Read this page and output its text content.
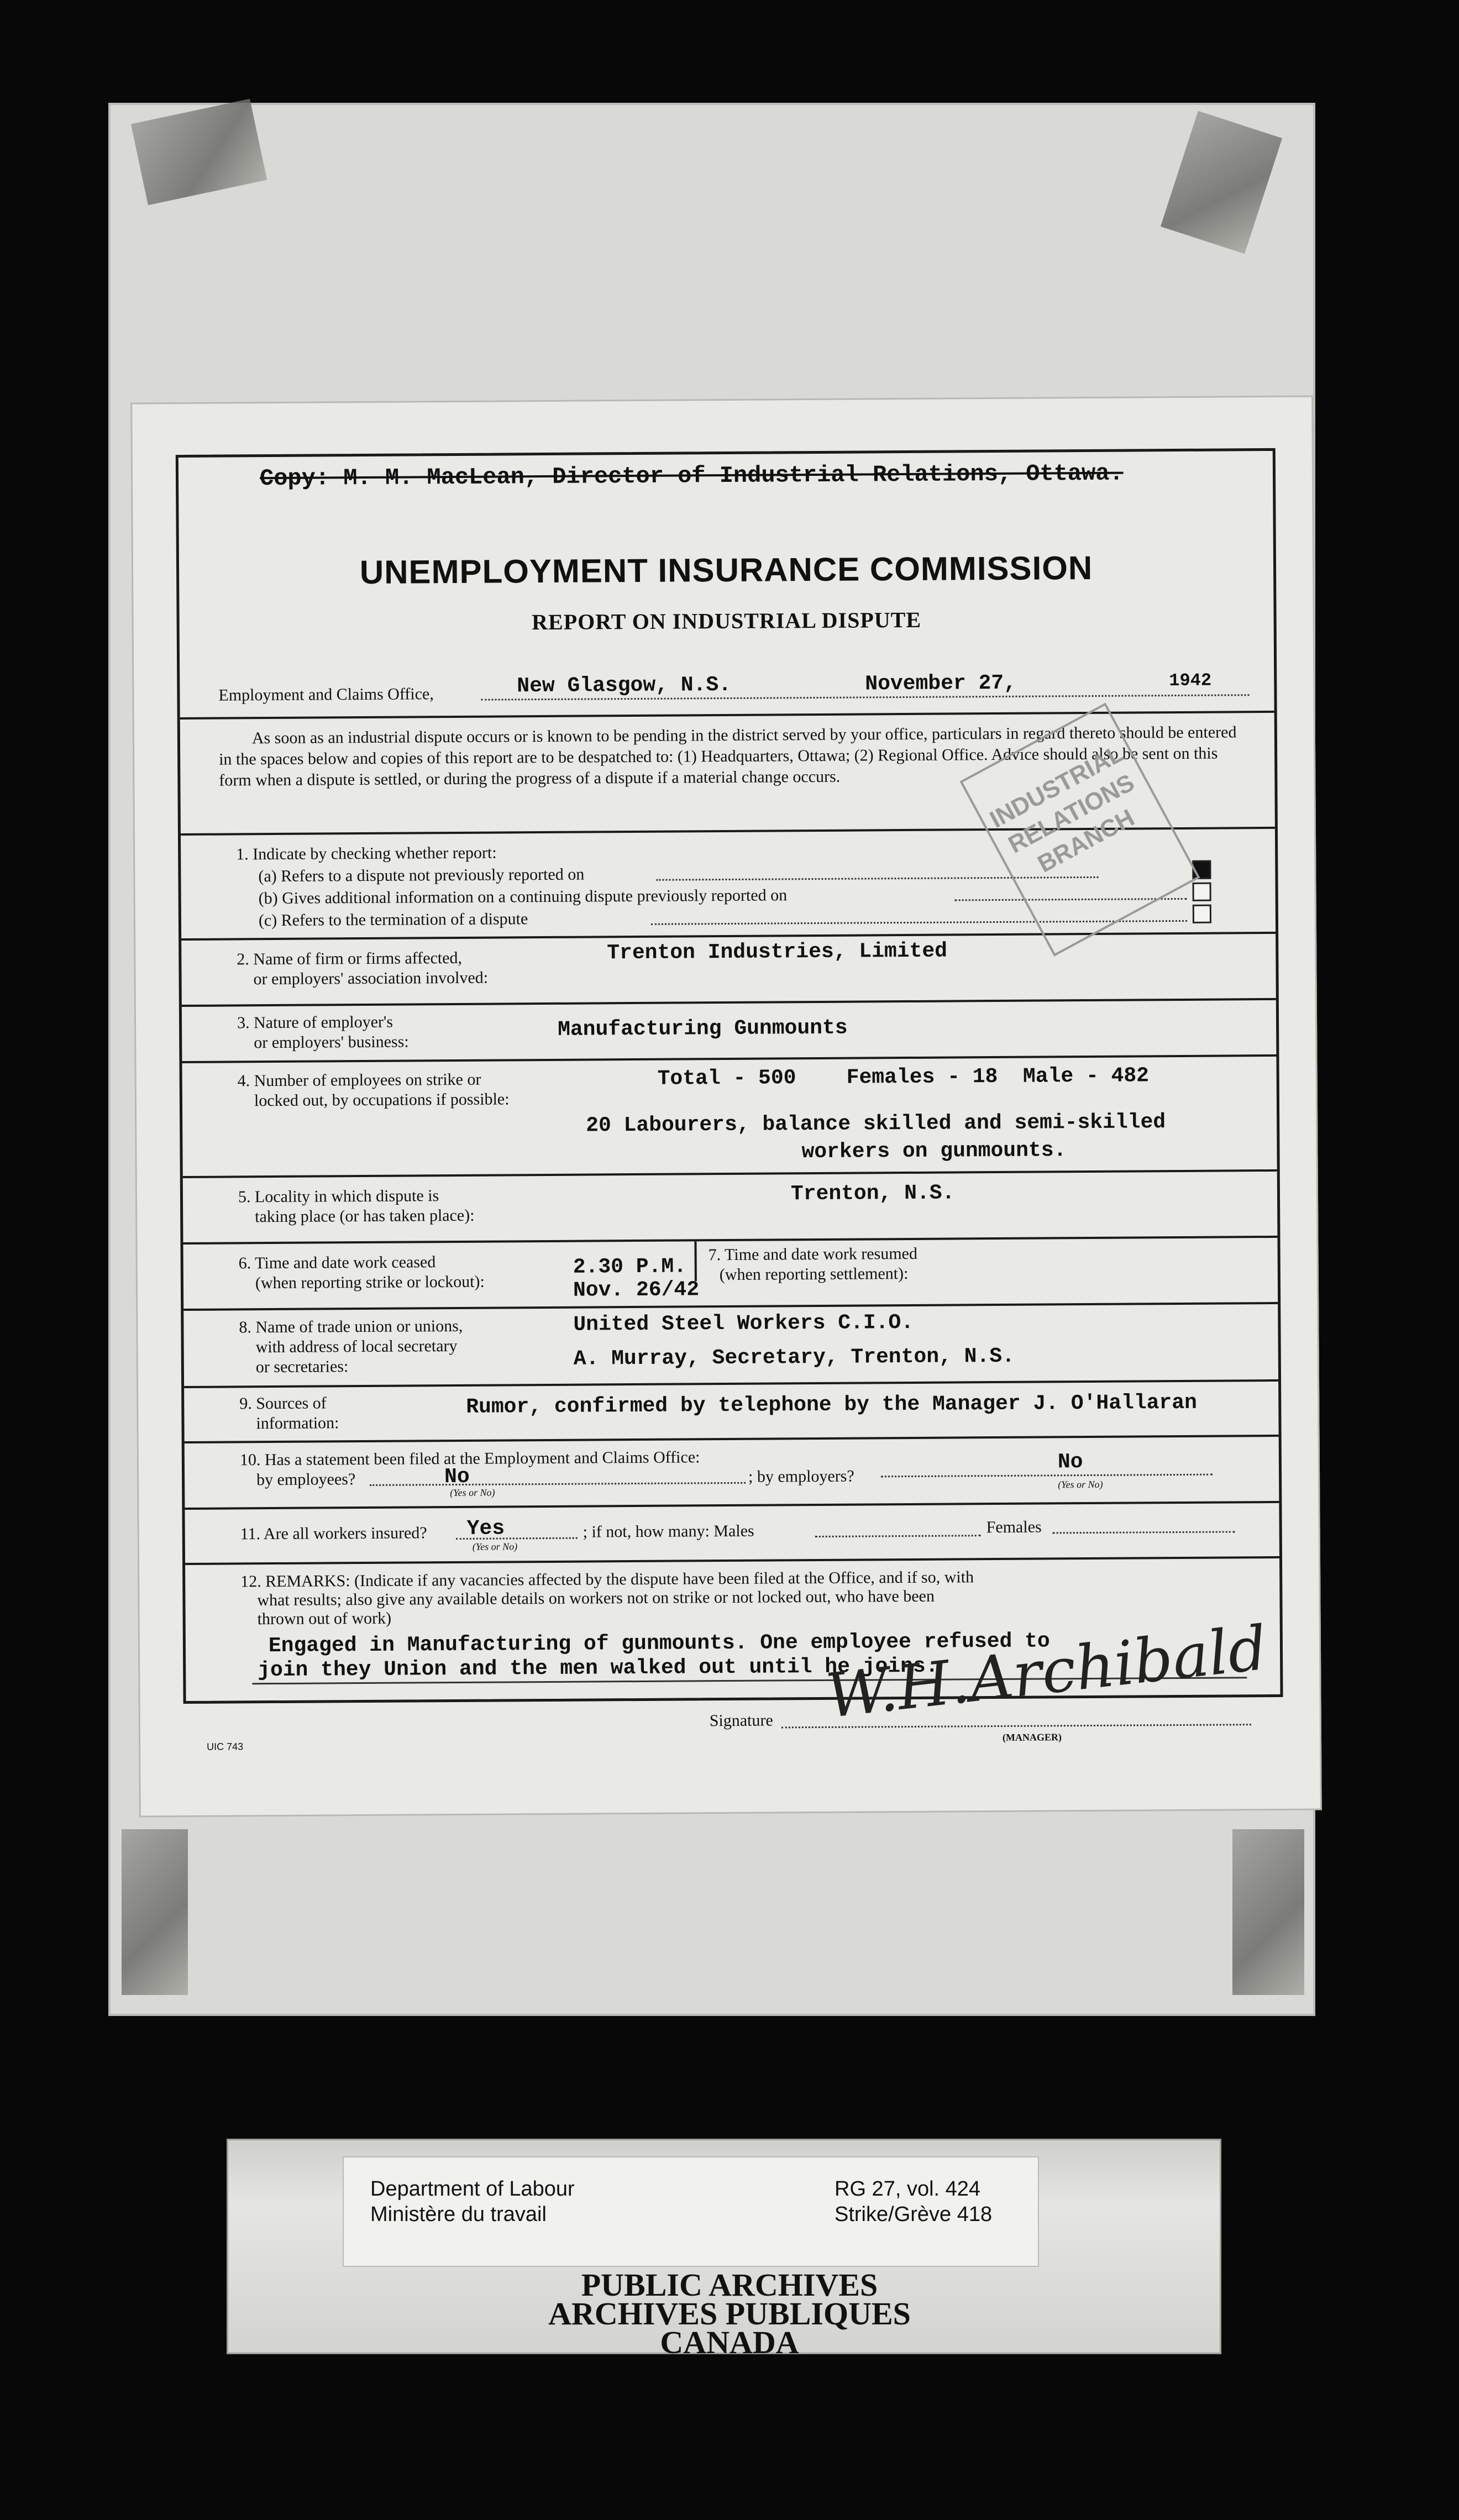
Copy: M. M. MacLean, Director of Industrial Relations, Ottawa.
UNEMPLOYMENT INSURANCE COMMISSION
REPORT ON INDUSTRIAL DISPUTE
Employment and Claims Office,	New Glasgow, N.S.	November 27,	1942
As soon as an industrial dispute occurs or is known to be pending in the district served by your office, particulars in regard thereto should be entered in the spaces below and copies of this report are to be despatched to: (1) Headquarters, Ottawa; (2) Regional Office. Advice should also be sent on this form when a dispute is settled, or during the progress of a dispute if a material change occurs.
1. Indicate by checking whether report:
(a) Refers to a dispute not previously reported on
(b) Gives additional information on a continuing dispute previously reported on
(c) Refers to the termination of a dispute
2. Name of firm or firms affected,
or employers' association involved:
Trenton Industries, Limited
3. Nature of employer's
or employers' business:
Manufacturing Gunmounts
4. Number of employees on strike or
locked out, by occupations if possible:
Total - 500    Females - 18  Male - 482
20 Labourers, balance skilled and semi-skilled
workers on gunmounts.
5. Locality in which dispute is
taking place (or has taken place):
Trenton, N.S.
6. Time and date work ceased
(when reporting strike or lockout):
2.30 P.M.
Nov. 26/42
7. Time and date work resumed
(when reporting settlement):
8. Name of trade union or unions,
with address of local secretary
or secretaries:
United Steel Workers C.I.O.
A. Murray, Secretary, Trenton, N.S.
9. Sources of
information:
Rumor, confirmed by telephone by the Manager J. O'Hallaran
10. Has a statement been filed at the Employment and Claims Office:
by employees?	No
(Yes or No)
; by employers?
No
(Yes or No)
11. Are all workers insured? Yes
(Yes or No)
; if not, how many: Males	Females
12. REMARKS: (Indicate if any vacancies affected by the dispute have been filed at the Office, and if so, with
what results; also give any available details on workers not on strike or not locked out, who have been
thrown out of work)
Engaged in Manufacturing of gunmounts. One employee refused to
join they Union and the men walked out until he joins.
INDUSTRIAL RELATIONS BRANCH
Signature W.H.Archibald
(MANAGER)
UIC 743
Department of Labour
Ministère du travail
RG 27, vol. 424
Strike/Grève 418
PUBLIC ARCHIVES
ARCHIVES PUBLIQUES
CANADA
